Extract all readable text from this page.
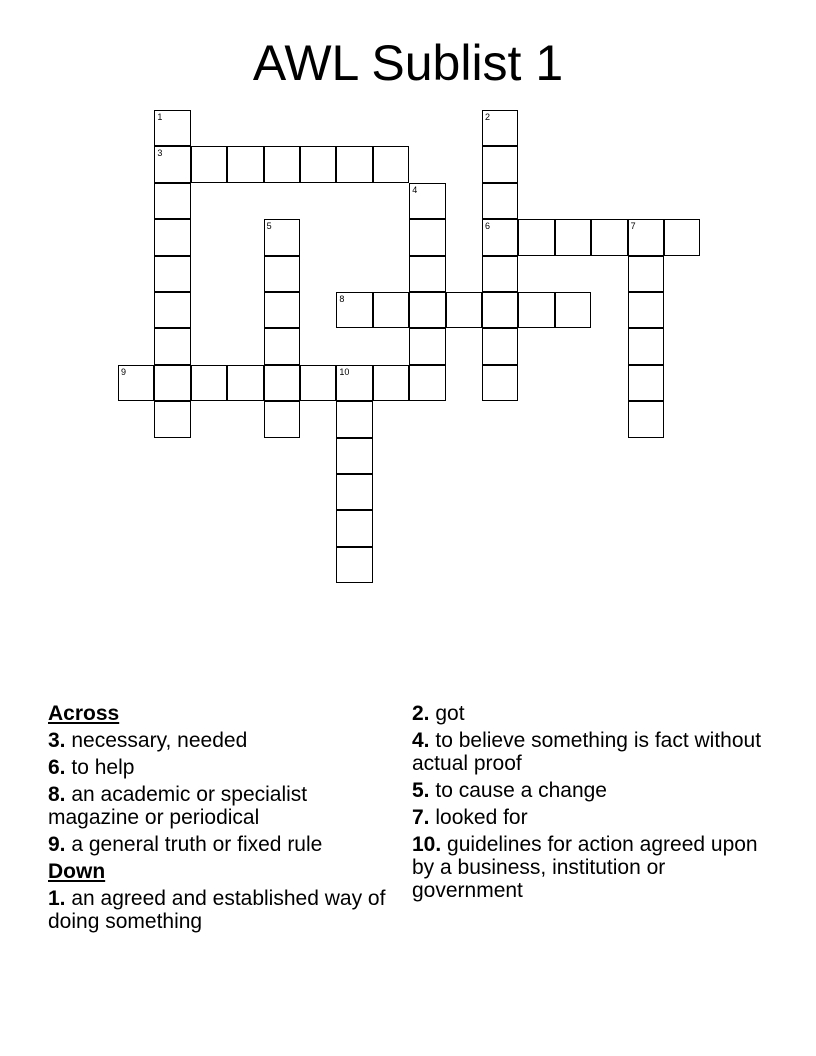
AWL Sublist 1
1	2
3
4
5	6	7
8
9	10
Across
3. necessary, needed
6. to help
8. an academic or specialist magazine or periodical
9. a general truth or fixed rule
Down
1. an agreed and established way of doing something
2. got
4. to believe something is fact without actual proof
5. to cause a change
7. looked for
10. guidelines for action agreed upon by a business, institution or government
